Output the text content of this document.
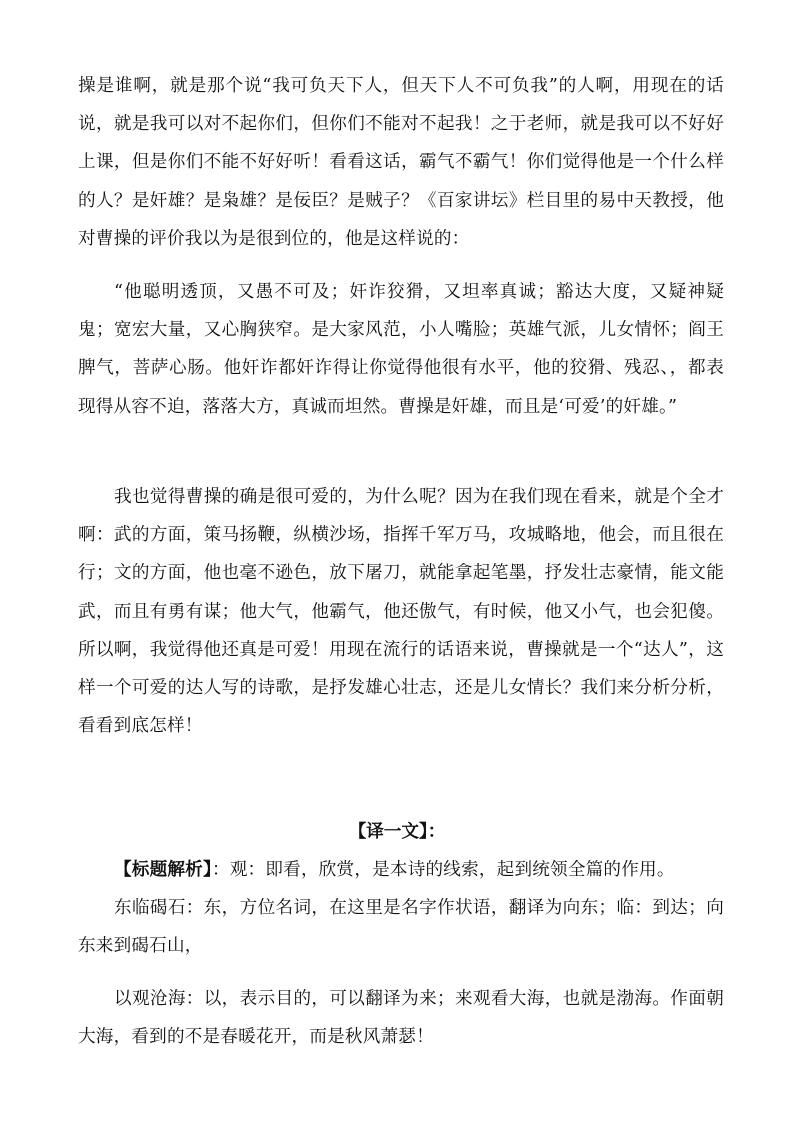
操是谁啊，就是那个说“我可负天下人，但天下人不可负我”的人啊，用现在的话说，就是我可以对不起你们，但你们不能对不起我！之于老师，就是我可以不好好上课，但是你们不能不好好听！看看这话，霸气不霸气！你们觉得他是一个什么样的人？是奸雄？是枭雄？是佞臣？是贼子？《百家讲坛》栏目里的易中天教授，他对曹操的评价我以为是很到位的，他是这样说的：

“他聪明透顶，又愚不可及；奸诈狡猾，又坦率真诚；豁达大度，又疑神疑鬼；宽宏大量，又心胸狭窄。是大家风范，小人嘴脸；英雄气派，儿女情怀；阎王脾气，菩萨心肠。他奸诈都奸诈得让你觉得他很有水平，他的狡猾、残忍、，都表现得从容不迫，落落大方，真诚而坦然。曹操是奸雄，而且是‘可爱’的奸雄。”

我也觉得曹操的确是很可爱的，为什么呢？因为在我们现在看来，就是个全才啊：武的方面，策马扬鞭，纵横沙场，指挥千军万马，攻城略地，他会，而且很在行；文的方面，他也毫不逊色，放下屠刀，就能拿起笔墨，抒发壮志豪情，能文能武，而且有勇有谋；他大气，他霸气，他还傲气，有时候，他又小气，也会犯傻。所以啊，我觉得他还真是可爱！用现在流行的话语来说，曹操就是一个“达人”，这样一个可爱的达人写的诗歌，是抒发雄心壮志，还是儿女情长？我们来分析分析，看看到底怎样！

【译一文】：

【标题解析】：观：即看，欣赏，是本诗的线索，起到统领全篇的作用。

东临碣石：东，方位名词，在这里是名字作状语，翻译为向东；临：到达；向东来到碣石山，

以观沧海：以，表示目的，可以翻译为来；来观看大海，也就是渤海。作面朝大海，看到的不是春暖花开，而是秋风萧瑟！
